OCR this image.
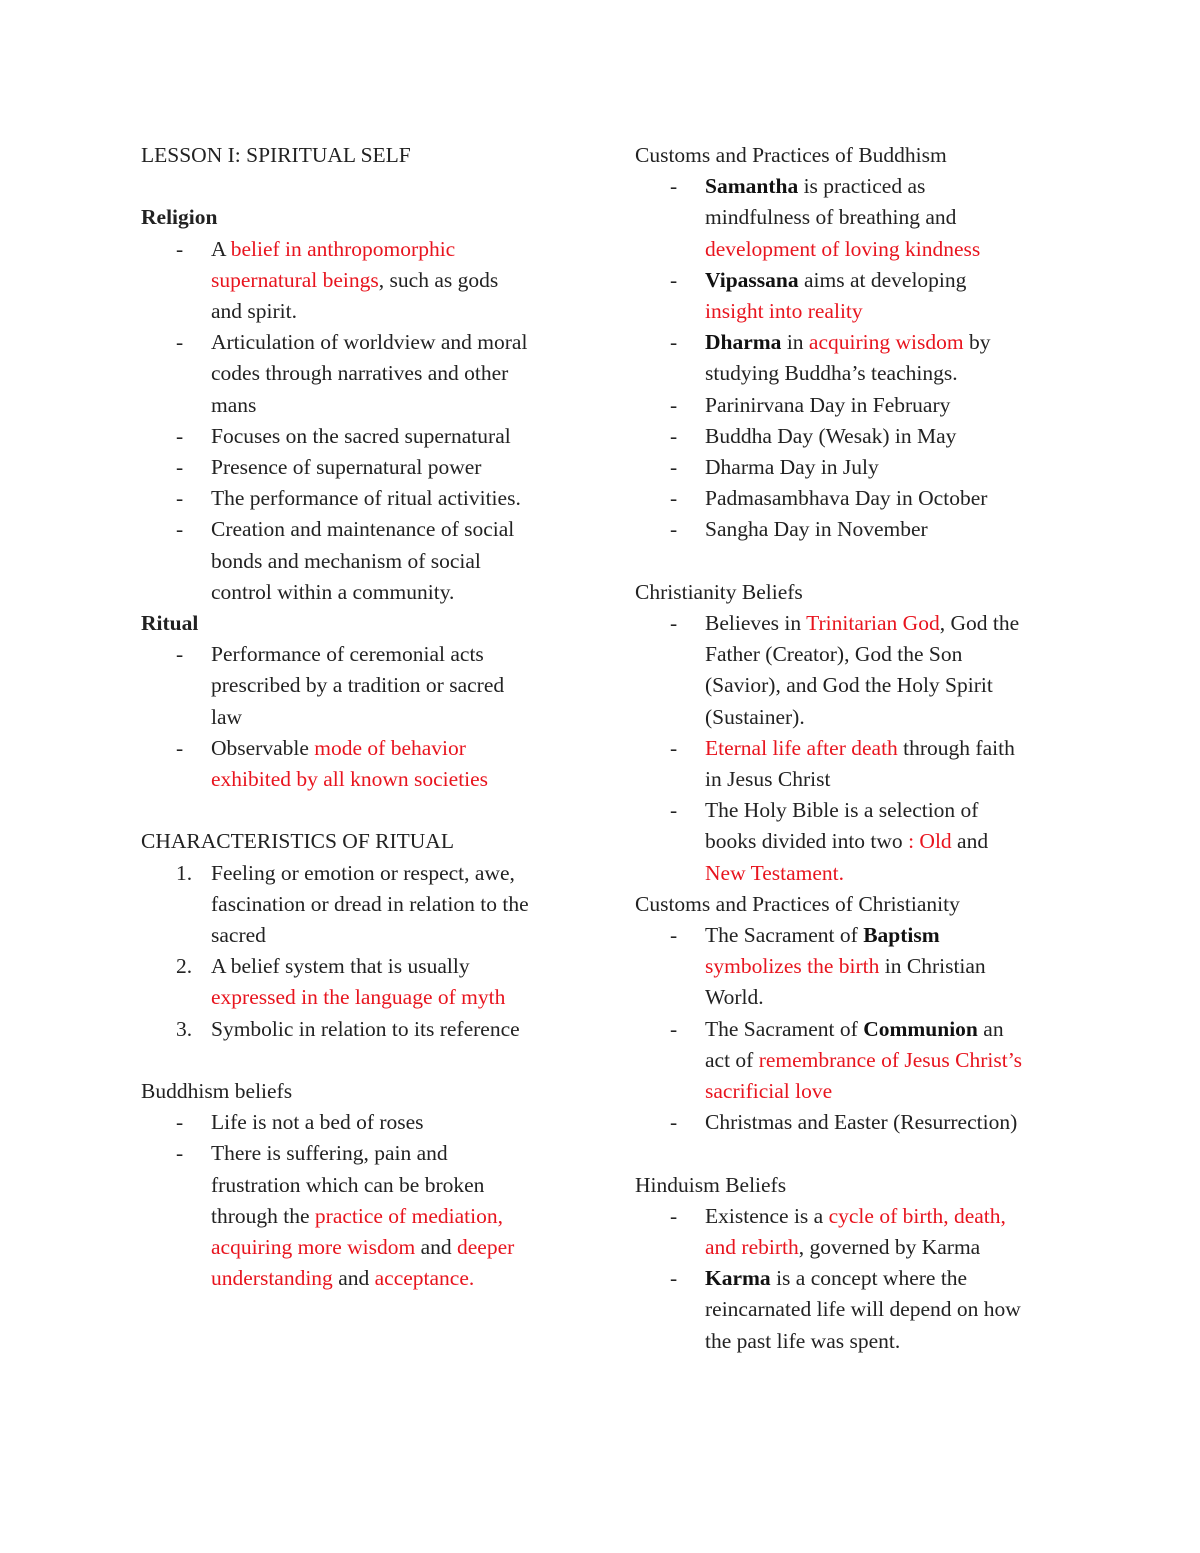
LESSON I: SPIRITUAL SELF
Religion
- A belief in anthropomorphic
supernatural beings, such as gods
and spirit.
- Articulation of worldview and moral
codes through narratives and other
mans
- Focuses on the sacred supernatural
- Presence of supernatural power
- The performance of ritual activities.
- Creation and maintenance of social
bonds and mechanism of social
control within a community.
Ritual
- Performance of ceremonial acts
prescribed by a tradition or sacred
law
- Observable mode of behavior
exhibited by all known societies
CHARACTERISTICS OF RITUAL
1. Feeling or emotion or respect, awe,
fascination or dread in relation to the
sacred
2. A belief system that is usually
expressed in the language of myth
3. Symbolic in relation to its reference
Buddhism beliefs
- Life is not a bed of roses
- There is suffering, pain and
frustration which can be broken
through the practice of mediation,
acquiring more wisdom and deeper
understanding and acceptance.
Customs and Practices of Buddhism
- Samantha is practiced as
mindfulness of breathing and
development of loving kindness
- Vipassana aims at developing
insight into reality
- Dharma in acquiring wisdom by
studying Buddha’s teachings.
- Parinirvana Day in February
- Buddha Day (Wesak) in May
- Dharma Day in July
- Padmasambhava Day in October
- Sangha Day in November
Christianity Beliefs
- Believes in Trinitarian God, God the
Father (Creator), God the Son
(Savior), and God the Holy Spirit
(Sustainer).
- Eternal life after death through faith
in Jesus Christ
- The Holy Bible is a selection of
books divided into two : Old and
New Testament.
Customs and Practices of Christianity
- The Sacrament of Baptism
symbolizes the birth in Christian
World.
- The Sacrament of Communion an
act of remembrance of Jesus Christ’s
sacrificial love
- Christmas and Easter (Resurrection)
Hinduism Beliefs
- Existence is a cycle of birth, death,
and rebirth, governed by Karma
- Karma is a concept where the
reincarnated life will depend on how
the past life was spent.
